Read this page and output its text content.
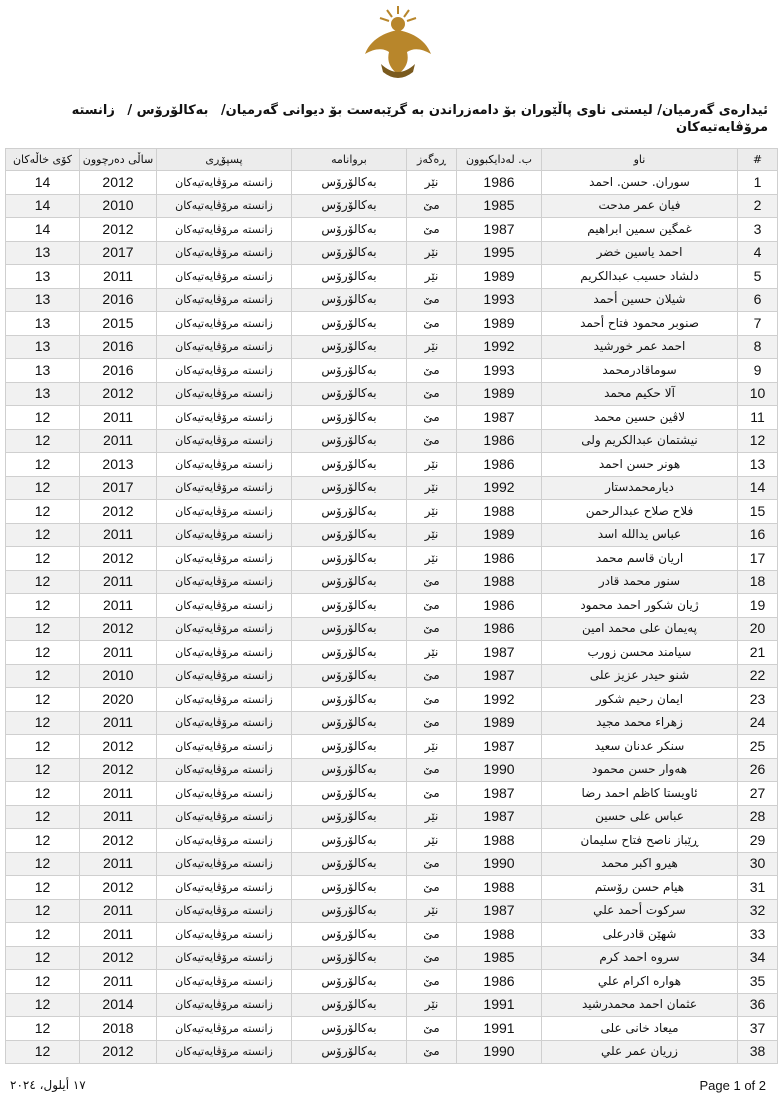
ئیدارەی گەرمیان/ لیستی ناوی پاڵێوران بۆ دامەزراندن بە گرێبەست بۆ دیوانی گەرمیان/ بەکالۆرۆس / زانستە مرۆڤایەتیەکان
#	ناو	ب. لەدایکبوون	ڕەگەز	بروانامە	پسپۆڕی	ساڵی دەرچوون	کۆی خاڵەکان
1	سوران. حسن. احمد	1986	نێر	بەکالۆرۆس	زانستە مرۆڤایەتیەکان	2012	14
2	فیان عمر مدحت	1985	مێ	بەکالۆرۆس	زانستە مرۆڤایەتیەکان	2010	14
3	غمگین سمین ابراهیم	1987	مێ	بەکالۆرۆس	زانستە مرۆڤایەتیەکان	2012	14
4	احمد یاسین خضر	1995	نێر	بەکالۆرۆس	زانستە مرۆڤایەتیەکان	2017	13
5	دلشاد حسیب عبدالکریم	1989	نێر	بەکالۆرۆس	زانستە مرۆڤایەتیەکان	2011	13
6	شیلان حسین أحمد	1993	مێ	بەکالۆرۆس	زانستە مرۆڤایەتیەکان	2016	13
7	صنوبر محمود فتاح أحمد	1989	مێ	بەکالۆرۆس	زانستە مرۆڤایەتیەکان	2015	13
8	احمد عمر خورشید	1992	نێر	بەکالۆرۆس	زانستە مرۆڤایەتیەکان	2016	13
9	سوماقادرمحمد	1993	مێ	بەکالۆرۆس	زانستە مرۆڤایەتیەکان	2016	13
10	آلا حکیم محمد	1989	مێ	بەکالۆرۆس	زانستە مرۆڤایەتیەکان	2012	13
11	لاڤین حسین محمد	1987	مێ	بەکالۆرۆس	زانستە مرۆڤایەتیەکان	2011	12
12	نیشتمان عبدالکریم ولی	1986	مێ	بەکالۆرۆس	زانستە مرۆڤایەتیەکان	2011	12
13	هونر حسن احمد	1986	نێر	بەکالۆرۆس	زانستە مرۆڤایەتیەکان	2013	12
14	دیارمحمدستار	1992	نێر	بەکالۆرۆس	زانستە مرۆڤایەتیەکان	2017	12
15	فلاح صلاح عبدالرحمن	1988	نێر	بەکالۆرۆس	زانستە مرۆڤایەتیەکان	2012	12
16	عباس یدالله اسد	1989	نێر	بەکالۆرۆس	زانستە مرۆڤایەتیەکان	2011	12
17	اریان قاسم محمد	1986	نێر	بەکالۆرۆس	زانستە مرۆڤایەتیەکان	2012	12
18	سنور محمد قادر	1988	مێ	بەکالۆرۆس	زانستە مرۆڤایەتیەکان	2011	12
19	ژیان شکور احمد محمود	1986	مێ	بەکالۆرۆس	زانستە مرۆڤایەتیەکان	2011	12
20	پەیمان علی محمد امین	1986	مێ	بەکالۆرۆس	زانستە مرۆڤایەتیەکان	2012	12
21	سیامند محسن زورب	1987	نێر	بەکالۆرۆس	زانستە مرۆڤایەتیەکان	2011	12
22	شنو حیدر عزیز علی	1987	مێ	بەکالۆرۆس	زانستە مرۆڤایەتیەکان	2010	12
23	ایمان رحیم شکور	1992	مێ	بەکالۆرۆس	زانستە مرۆڤایەتیەکان	2020	12
24	زهراء محمد مجید	1989	مێ	بەکالۆرۆس	زانستە مرۆڤایەتیەکان	2011	12
25	سنکر عدنان سعید	1987	نێر	بەکالۆرۆس	زانستە مرۆڤایەتیەکان	2012	12
26	هەوار حسن محمود	1990	مێ	بەکالۆرۆس	زانستە مرۆڤایەتیەکان	2012	12
27	ئاویستا کاظم احمد رضا	1987	مێ	بەکالۆرۆس	زانستە مرۆڤایەتیەکان	2011	12
28	عباس علی حسین	1987	نێر	بەکالۆرۆس	زانستە مرۆڤایەتیەکان	2011	12
29	ڕێباز ناصح فتاح سلیمان	1988	نێر	بەکالۆرۆس	زانستە مرۆڤایەتیەکان	2012	12
30	هیرو اکبر محمد	1990	مێ	بەکالۆرۆس	زانستە مرۆڤایەتیەکان	2011	12
31	هیام حسن رۆستم	1988	مێ	بەکالۆرۆس	زانستە مرۆڤایەتیەکان	2012	12
32	سرکوت أحمد علي	1987	نێر	بەکالۆرۆس	زانستە مرۆڤایەتیەکان	2011	12
33	شهێن قادرعلی	1988	مێ	بەکالۆرۆس	زانستە مرۆڤایەتیەکان	2011	12
34	سروە احمد کرم	1985	مێ	بەکالۆرۆس	زانستە مرۆڤایەتیەکان	2012	12
35	هوارە اکرام علي	1986	مێ	بەکالۆرۆس	زانستە مرۆڤایەتیەکان	2011	12
36	عثمان احمد محمدرشید	1991	نێر	بەکالۆرۆس	زانستە مرۆڤایەتیەکان	2014	12
37	میعاد خانی علی	1991	مێ	بەکالۆرۆس	زانستە مرۆڤایەتیەکان	2018	12
38	زریان عمر علي	1990	مێ	بەکالۆرۆس	زانستە مرۆڤایەتیەکان	2012	12
١٧ أيلول، ٢٠٢٤	Page 1 of 2
